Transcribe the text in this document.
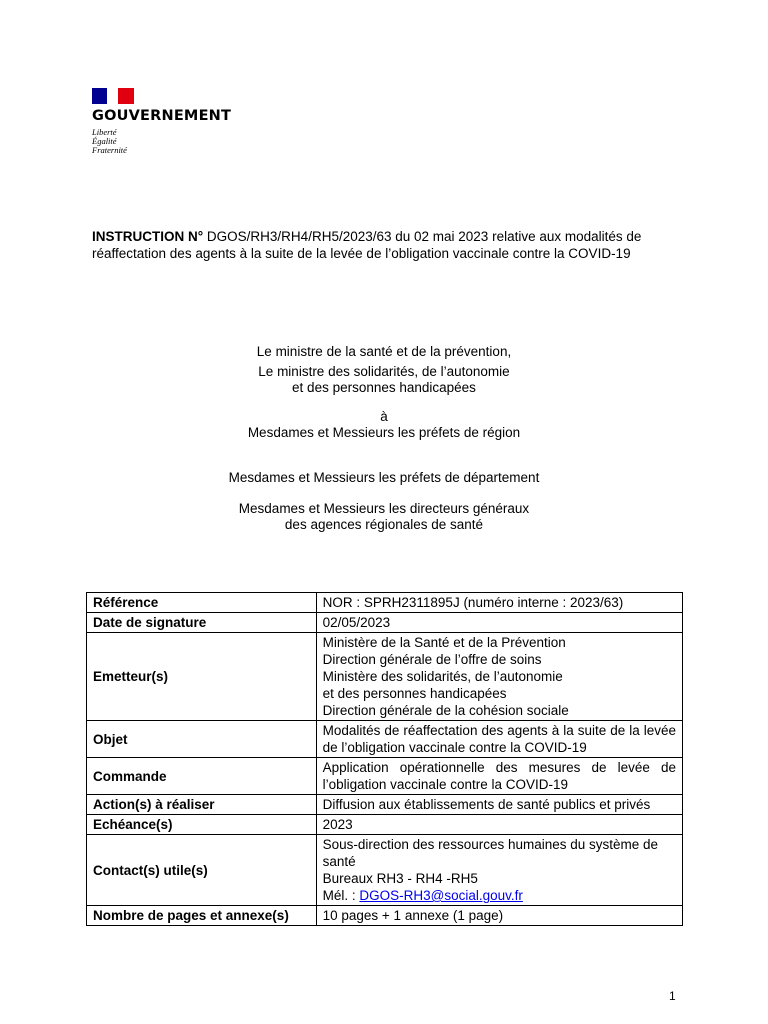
GOUVERNEMENT
Liberté
Égalité
Fraternité
INSTRUCTION N° DGOS/RH3/RH4/RH5/2023/63 du 02 mai 2023 relative aux modalités de réaffectation des agents à la suite de la levée de l’obligation vaccinale contre la COVID-19
Le ministre de la santé et de la prévention,
Le ministre des solidarités, de l’autonomie
et des personnes handicapées
à
Mesdames et Messieurs les préfets de région
Mesdames et Messieurs les préfets de département
Mesdames et Messieurs les directeurs généraux
des agences régionales de santé
Référence	NOR : SPRH2311895J (numéro interne : 2023/63)
Date de signature	02/05/2023
Emetteur(s)	Ministère de la Santé et de la Prévention
Direction générale de l’offre de soins
Ministère des solidarités, de l’autonomie
et des personnes handicapées
Direction générale de la cohésion sociale

Objet	Modalités de réaffectation des agents à la suite de la levée de l’obligation vaccinale contre la COVID-19
Commande	Application opérationnelle des mesures de levée de l’obligation vaccinale contre la COVID-19
Action(s) à réaliser	Diffusion aux établissements de santé publics et privés
Echéance(s)	2023
Contact(s) utile(s)	Sous-direction des ressources humaines du système de santé
Bureaux RH3 - RH4 -RH5
Mél. : DGOS-RH3@social.gouv.fr

Nombre de pages et annexe(s)	10 pages + 1 annexe (1 page)
1
